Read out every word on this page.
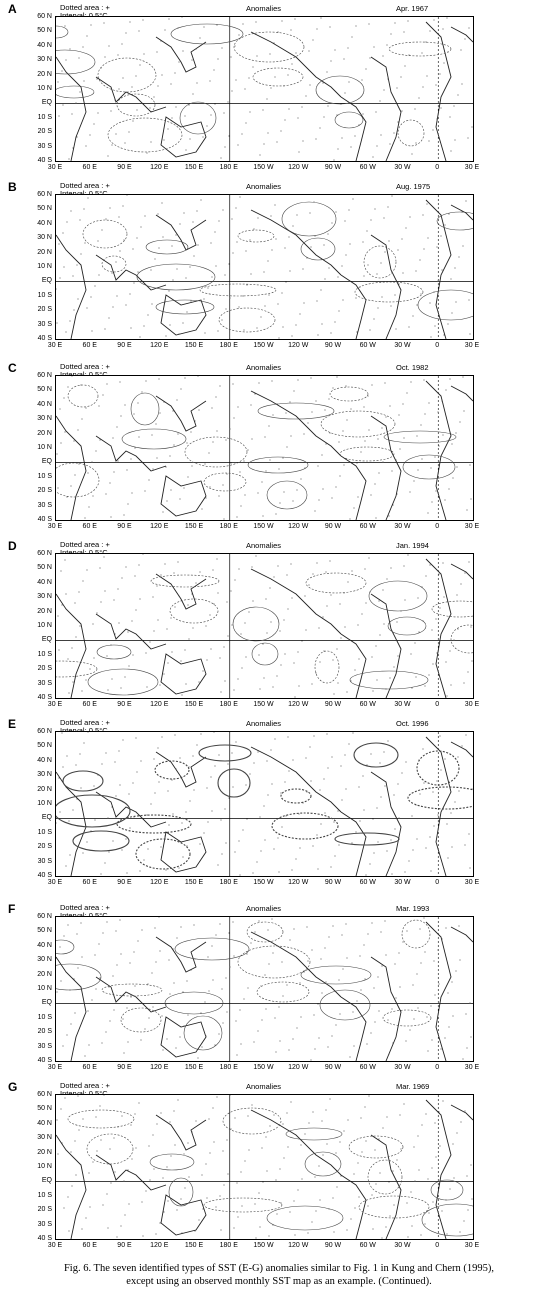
A	Dotted area : +	Anomalies	Apr. 1967
60 N
50 N
40 N
30 N
20 N
10 N
EQ
10 S
20 S
30 S
40 S
30 E	60 E	90 E	120 E 150 E 180 E 150 W 120 W 90 W	60 W	30 W	0	30 E
B	Dotted area : +	Anomalies	Aug. 1975
60 N
50 N
40 N
30 N
20 N
10 N
EQ
10 S
20 S
30 S
40 S
30 E	60 E	90 E	120 E 150 E 180 E 150 W 120 W 90 W	60 W	30 W	0	30 E
C	Dotted area : +	Anomalies	Oct. 1982
60 N
50 N
40 N
30 N
20 N
10 N
EQ
10 S
20 S
30 S
40 S
30 E	60 E	90 E	120 E 150 E 180 E 150 W 120 W 90 W	60 W	30 W	0	30 E
D	Dotted area : +	Anomalies	Jan. 1994
60 N
50 N
40 N
30 N
20 N
10 N
EQ
10 S
20 S
30 S
40 S
30 E	60 E	90 E	120 E 150 E 180 E 150 W 120 W 90 W	60 W	30 W	0	30 E
E	Dotted area : +	Anomalies	Oct. 1996
60 N
50 N
40 N
30 N
20 N
10 N
EQ
10 S
20 S
30 S
40 S
30 E	60 E	90 E	120 E 150 E 180 E 150 W 120 W 90 W	60 W	30 W	0	30 E
F	Dotted area : +	Anomalies	Mar. 1993
60 N
50 N
40 N
30 N
20 N
10 N
EQ
10 S
20 S
30 S
40 S
30 E	60 E	90 E	120 E 150 E 180 E 150 W 120 W 90 W	60 W	30 W	0	30 E
G	Dotted area : +	Anomalies	Mar. 1969
60 N
50 N
40 N
30 N
20 N
10 N
EQ
10 S
20 S
30 S
40 S
30 E	60 E	90 E	120 E 150 E 180 E 150 W 120 W 90 W	60 W	30 W	0	30 E
Fig. 6. The seven identified types of SST (E-G) anomalies similar to Fig. 1 in Kung and Chern (1995),
except using an observed monthly SST map as an example. (Continued).
